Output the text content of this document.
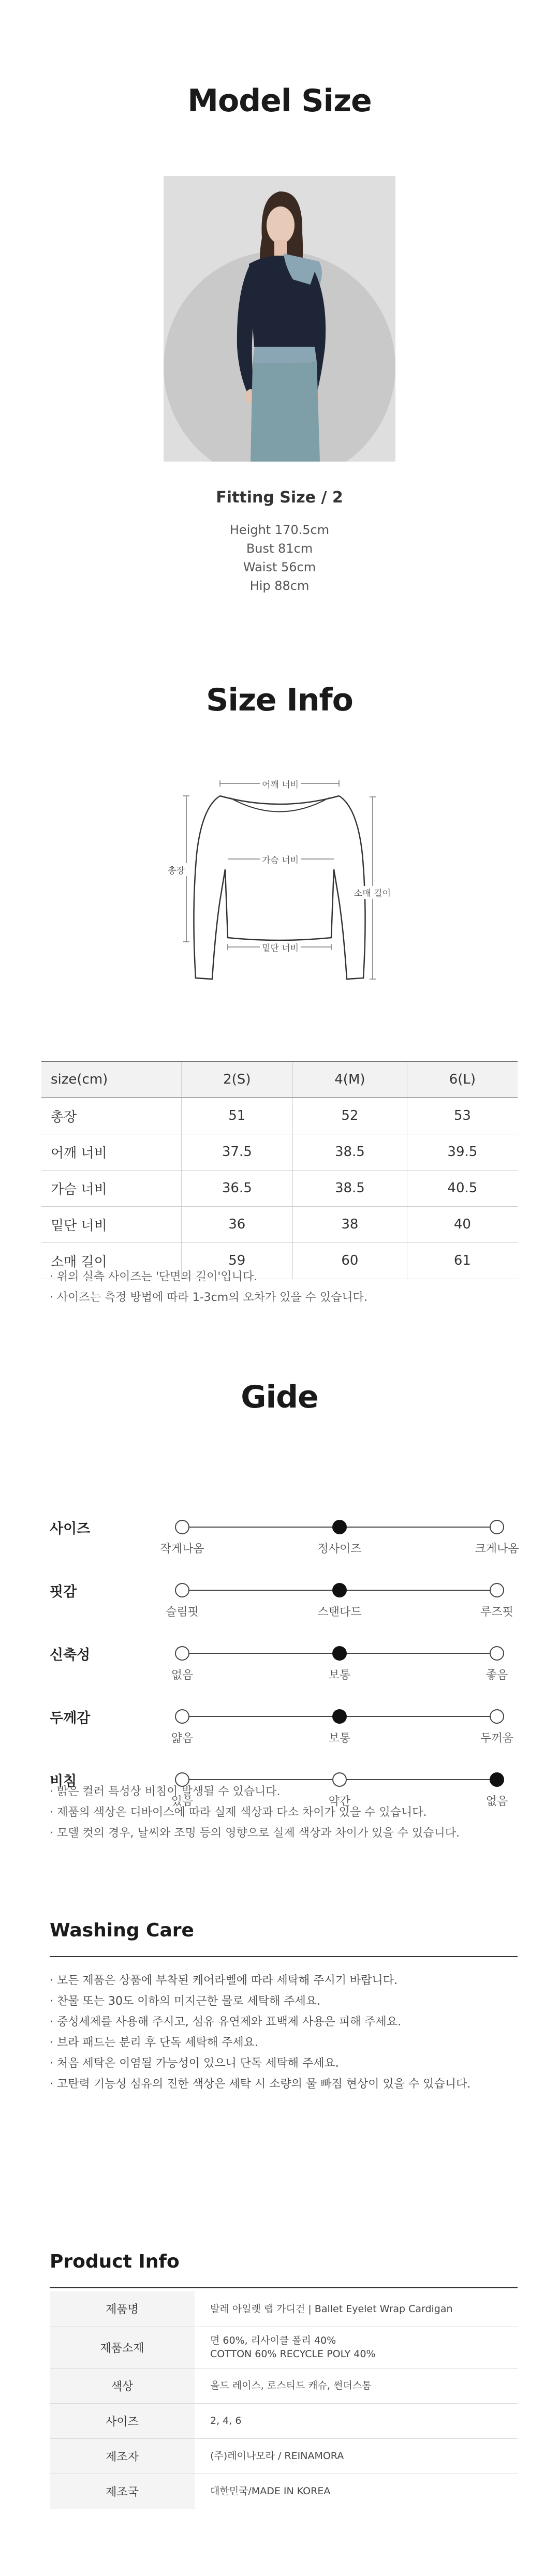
Model Size
Fitting Size / 2
Height 170.5cm
Bust 81cm
Waist 56cm
Hip 88cm
Size Info
어깨 너비
가슴 너비
밑단 너비
총장
소매 길이
size(cm)	2(S)	4(M)	6(L)
총장	51	52	53
어깨 너비	37.5	38.5	39.5
가슴 너비	36.5	38.5	40.5
밑단 너비	36	38	40
소매 길이	59	60	61
· 위의 실측 사이즈는 '단면의 길이'입니다.
· 사이즈는 측정 방법에 따라 1-3cm의 오차가 있을 수 있습니다.
Gide
사이즈
작게나옴	정사이즈	크게나옴
핏감
슬림핏	스탠다드	루즈핏
신축성
없음	보통	좋음
두께감
얇음	보통	두꺼움
비침
있음	약간	없음
· 밝은 컬러 특성상 비침이 발생될 수 있습니다.
· 제품의 색상은 디바이스에 따라 실제 색상과 다소 차이가 있을 수 있습니다.
· 모델 컷의 경우, 날씨와 조명 등의 영향으로 실제 색상과 차이가 있을 수 있습니다.
Washing Care
· 모든 제품은 상품에 부착된 케어라벨에 따라 세탁해 주시기 바랍니다.
· 찬물 또는 30도 이하의 미지근한 물로 세탁해 주세요.
· 중성세제를 사용해 주시고, 섬유 유연제와 표백제 사용은 피해 주세요.
· 브라 패드는 분리 후 단독 세탁해 주세요.
· 처음 세탁은 이염될 가능성이 있으니 단독 세탁해 주세요.
· 고탄력 기능성 섬유의 진한 색상은 세탁 시 소량의 물 빠짐 현상이 있을 수 있습니다.
Product Info
제품명	발레 아일렛 랩 가디건 | Ballet Eyelet Wrap Cardigan
제품소재	면 60%, 리사이클 폴리 40%
COTTON 60% RECYCLE POLY 40%
색상	올드 레이스, 로스티드 캐슈, 썬더스톰
사이즈	2, 4, 6
제조자	(주)레이나모라 / REINAMORA
제조국	대한민국/MADE IN KOREA
